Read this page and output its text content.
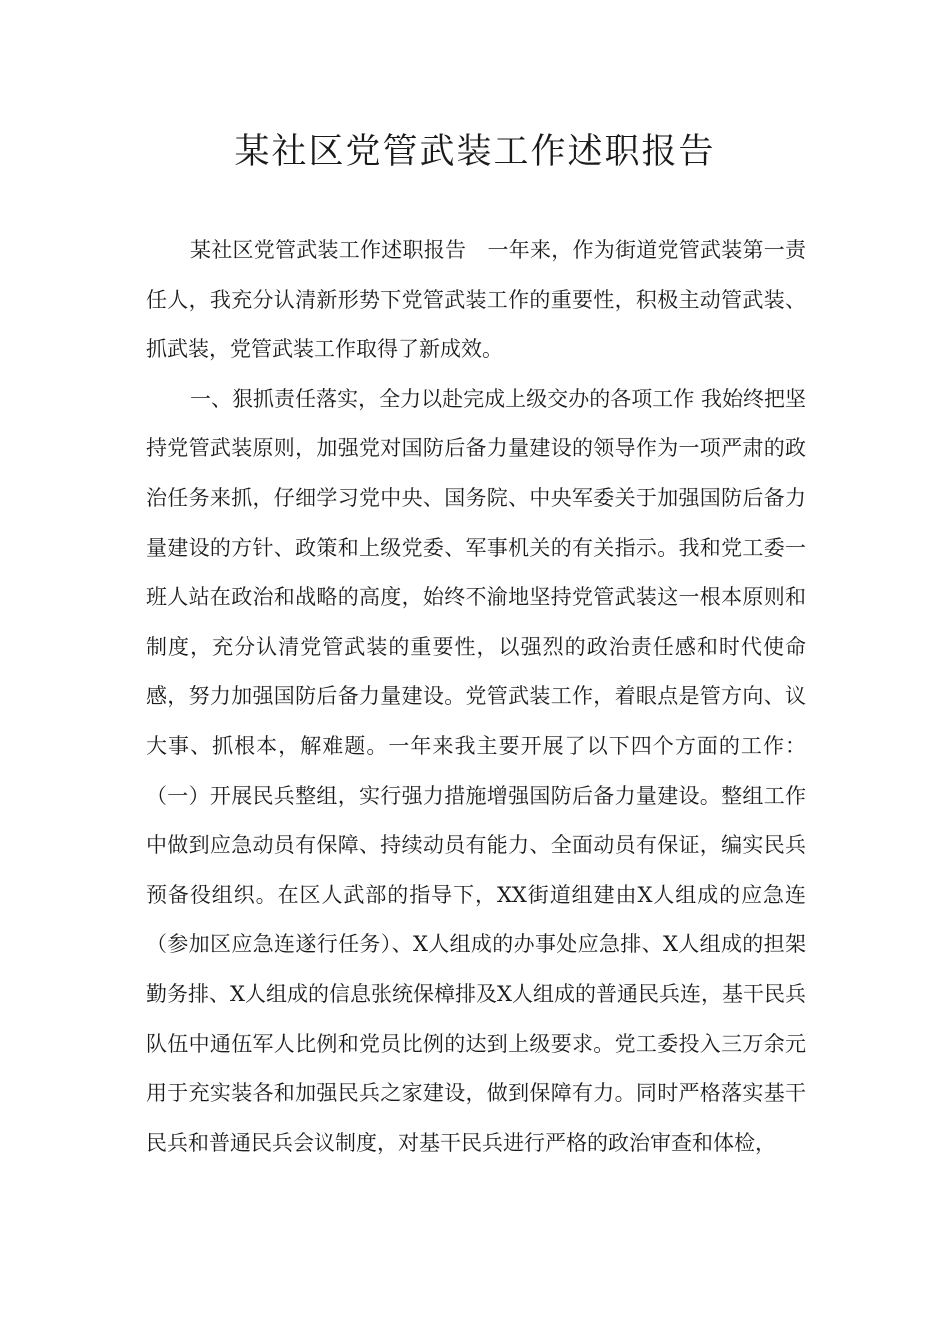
某社区党管武装工作述职报告

某社区党管武装工作述职报告　一年来，作为街道党管武装第一责任人，我充分认清新形势下党管武装工作的重要性，积极主动管武装、抓武装，党管武装工作取得了新成效。

一、狠抓责任落实，全力以赴完成上级交办的各项工作 我始终把坚持党管武装原则，加强党对国防后备力量建设的领导作为一项严肃的政治任务来抓，仔细学习党中央、国务院、中央军委关于加强国防后备力量建设的方针、政策和上级党委、军事机关的有关指示。我和党工委一班人站在政治和战略的高度，始终不渝地坚持党管武装这一根本原则和制度，充分认清党管武装的重要性，以强烈的政治责任感和时代使命感，努力加强国防后备力量建设。党管武装工作，着眼点是管方向、议大事、抓根本，解难题。一年来我主要开展了以下四个方面的工作：（一）开展民兵整组，实行强力措施增强国防后备力量建设。整组工作中做到应急动员有保障、持续动员有能力、全面动员有保证，编实民兵预备役组织。在区人武部的指导下，XX街道组建由X人组成的应急连（参加区应急连遂行任务）、X人组成的办事处应急排、X人组成的担架勤务排、X人组成的信息张统保樟排及X人组成的普通民兵连，基干民兵队伍中通伍军人比例和党员比例的达到上级要求。党工委投入三万余元用于充实装各和加强民兵之家建设，做到保障有力。同时严格落实基干民兵和普通民兵会议制度，对基干民兵进行严格的政治审查和体检，
